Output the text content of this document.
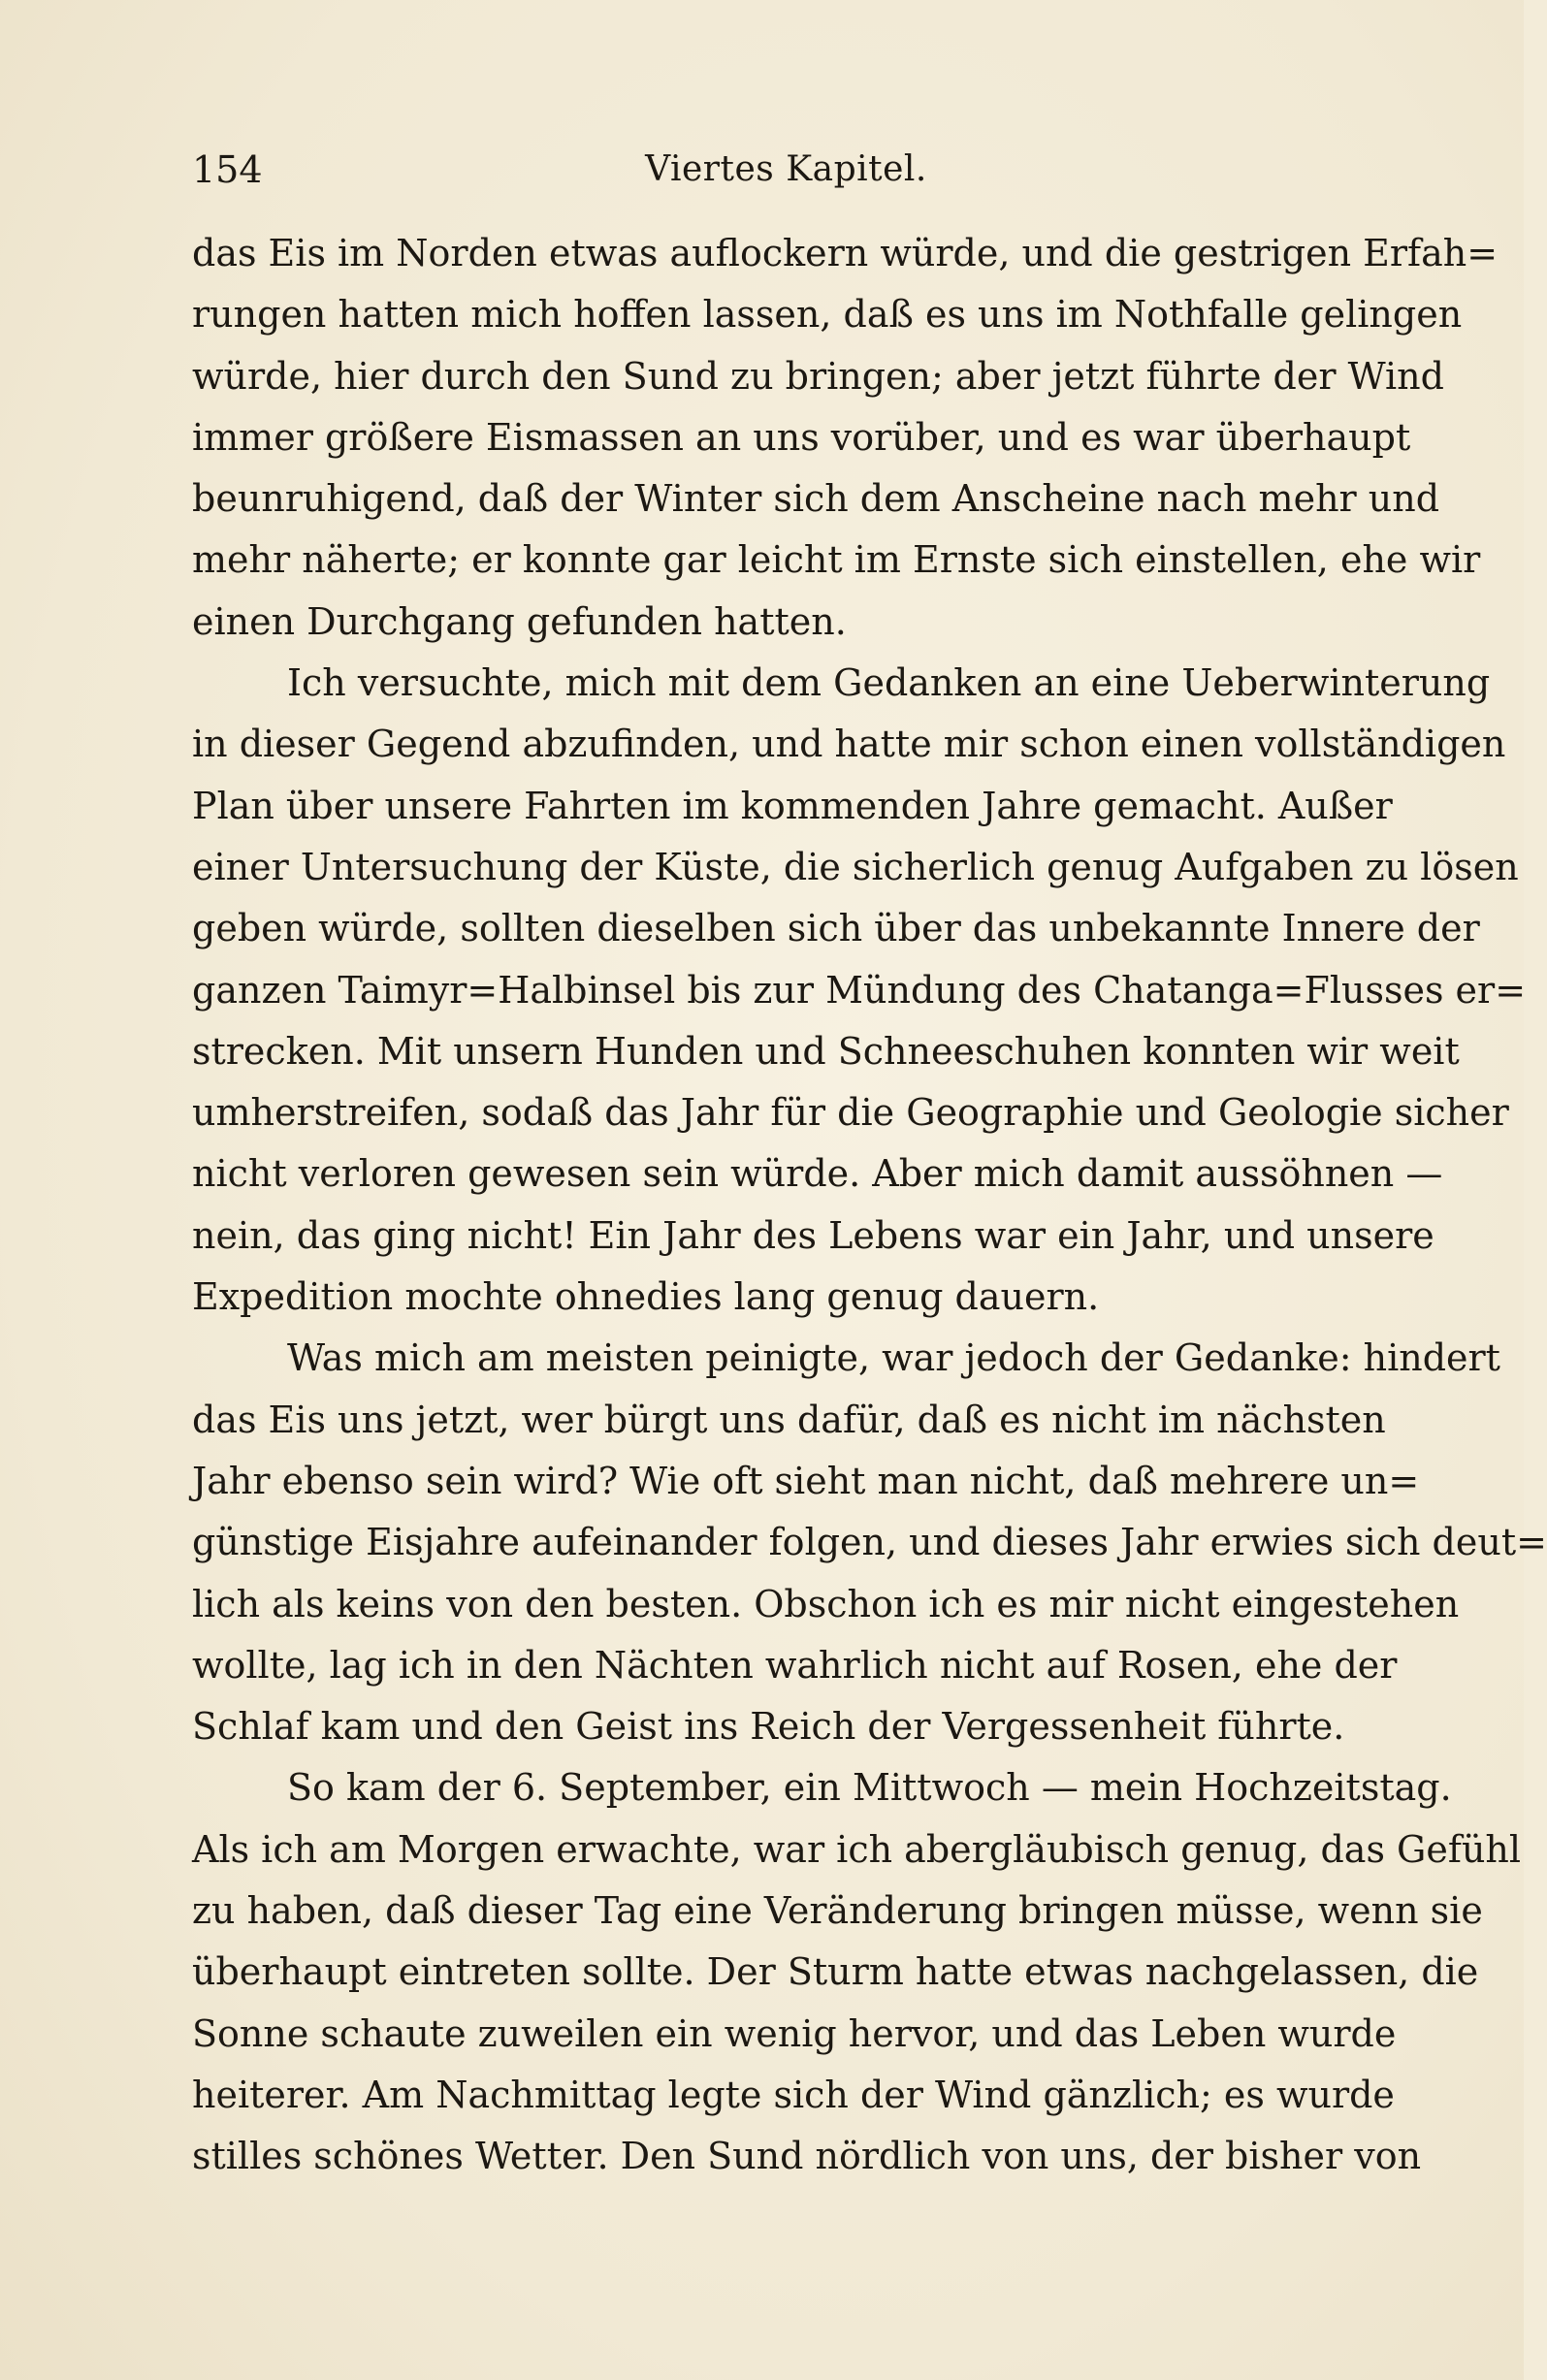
154	Viertes Kapitel.
das Eis im Norden etwas auflockern würde, und die gestrigen Erfah=
rungen hatten mich hoffen lassen, daß es uns im Nothfalle gelingen
würde, hier durch den Sund zu bringen; aber jetzt führte der Wind
immer größere Eismassen an uns vorüber, und es war überhaupt
beunruhigend, daß der Winter sich dem Anscheine nach mehr und
mehr näherte; er konnte gar leicht im Ernste sich einstellen, ehe wir
einen Durchgang gefunden hatten.
Ich versuchte, mich mit dem Gedanken an eine Ueberwinterung
in dieser Gegend abzufinden, und hatte mir schon einen vollständigen
Plan über unsere Fahrten im kommenden Jahre gemacht. Außer
einer Untersuchung der Küste, die sicherlich genug Aufgaben zu lösen
geben würde, sollten dieselben sich über das unbekannte Innere der
ganzen Taimyr=Halbinsel bis zur Mündung des Chatanga=Flusses er=
strecken. Mit unsern Hunden und Schneeschuhen konnten wir weit
umherstreifen, sodaß das Jahr für die Geographie und Geologie sicher
nicht verloren gewesen sein würde. Aber mich damit aussöhnen —
nein, das ging nicht! Ein Jahr des Lebens war ein Jahr, und unsere
Expedition mochte ohnedies lang genug dauern.
Was mich am meisten peinigte, war jedoch der Gedanke: hindert
das Eis uns jetzt, wer bürgt uns dafür, daß es nicht im nächsten
Jahr ebenso sein wird? Wie oft sieht man nicht, daß mehrere un=
günstige Eisjahre aufeinander folgen, und dieses Jahr erwies sich deut=
lich als keins von den besten. Obschon ich es mir nicht eingestehen
wollte, lag ich in den Nächten wahrlich nicht auf Rosen, ehe der
Schlaf kam und den Geist ins Reich der Vergessenheit führte.
So kam der 6. September, ein Mittwoch — mein Hochzeitstag.
Als ich am Morgen erwachte, war ich abergläubisch genug, das Gefühl
zu haben, daß dieser Tag eine Veränderung bringen müsse, wenn sie
überhaupt eintreten sollte. Der Sturm hatte etwas nachgelassen, die
Sonne schaute zuweilen ein wenig hervor, und das Leben wurde
heiterer. Am Nachmittag legte sich der Wind gänzlich; es wurde
stilles schönes Wetter. Den Sund nördlich von uns, der bisher von
